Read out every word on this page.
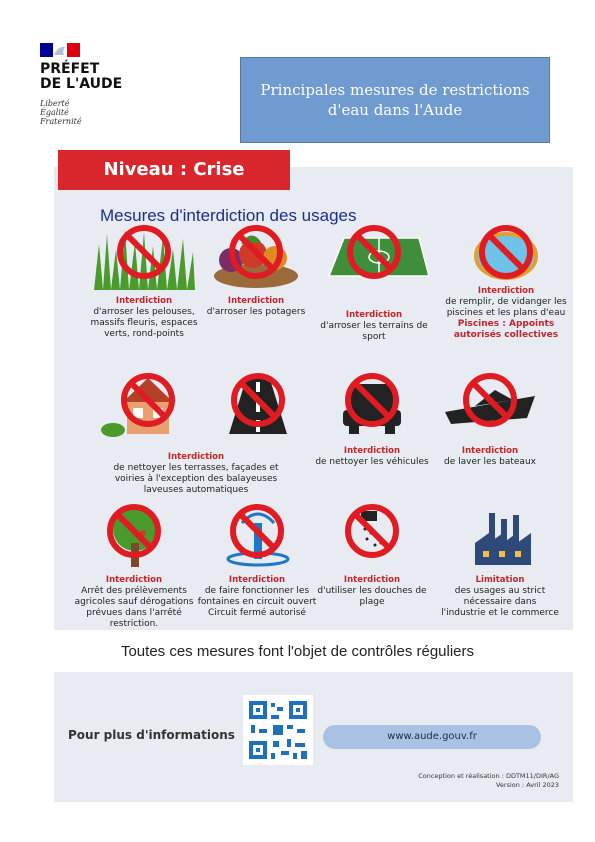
PRÉFET
DE L'AUDE
Liberté
Égalité
Fraternité
Principales mesures de restrictions d'eau dans l'Aude
Niveau : Crise
Mesures d'interdiction des usages
Interdiction
d'arroser les pelouses, massifs fleuris, espaces verts, rond-points
Interdiction
d'arroser les potagers	Interdiction
d'arroser les terrains de sport
Interdiction
de remplir, de vidanger les piscines et les plans d'eau
Piscines : Appoints autorisés collectives
Interdiction
de nettoyer les véhicules
Interdiction
de laver les bateaux
Interdiction
de nettoyer les terrasses, façades et voiries à l'exception des balayeuses laveuses automatiques
Interdiction
Arrêt des prélèvements agricoles sauf dérogations prévues dans l'arrêté restriction.
Interdiction
de faire fonctionner les fontaines en circuit ouvert Circuit fermé autorisé
Interdiction
d'utiliser les douches de plage
Limitation
des usages au strict nécessaire dans l'industrie et le commerce
Toutes ces mesures font l'objet de contrôles réguliers
Pour plus d'informations	www.aude.gouv.fr
Conception et réalisation : DDTM11/DIR/AG
Version : Avril 2023
